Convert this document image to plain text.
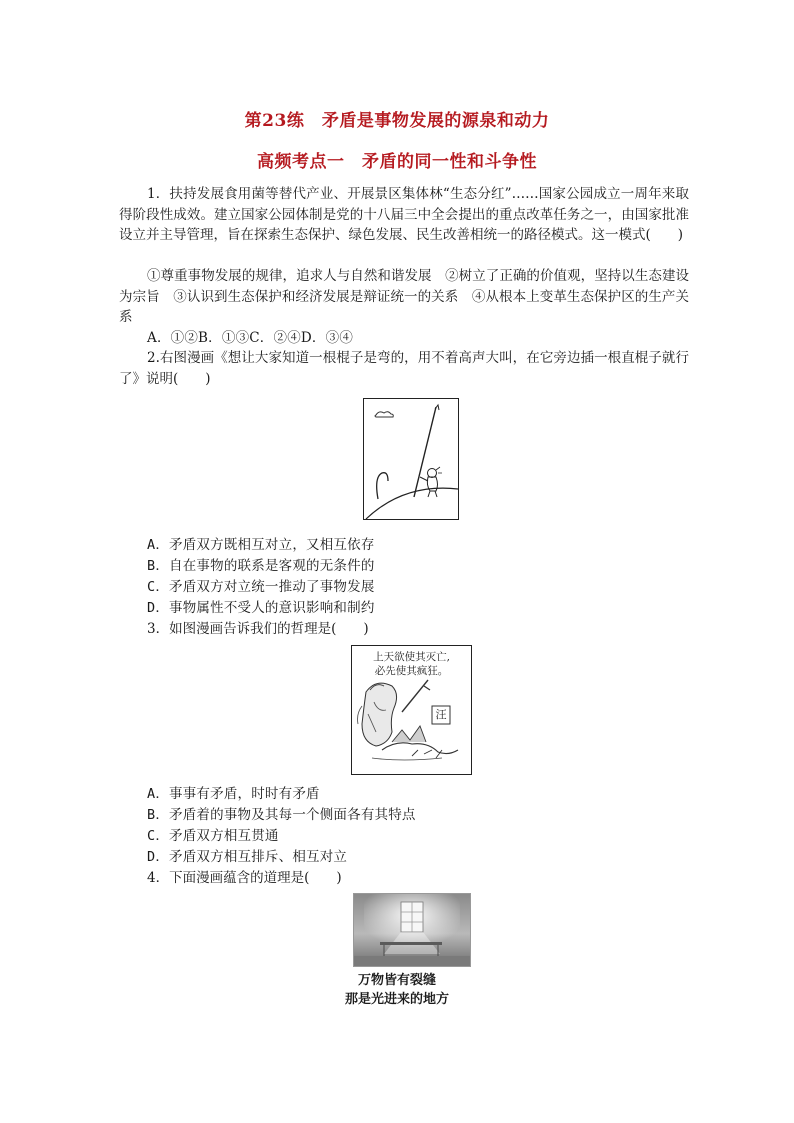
第23练　矛盾是事物发展的源泉和动力
高频考点一　矛盾的同一性和斗争性
1．扶持发展食用菌等替代产业、开展景区集体林“生态分红”……国家公园成立一周年来取得阶段性成效。建立国家公园体制是党的十八届三中全会提出的重点改革任务之一，由国家批准设立并主导管理，旨在探索生态保护、绿色发展、民生改善相统一的路径模式。这一模式(　　)
①尊重事物发展的规律，追求人与自然和谐发展　②树立了正确的价值观，坚持以生态建设为宗旨　③认识到生态保护和经济发展是辩证统一的关系　④从根本上变革生态保护区的生产关系
A．①②B．①③C．②④D．③④
2.右图漫画《想让大家知道一根棍子是弯的，用不着高声大叫，在它旁边插一根直棍子就行了》说明(　　)
A．矛盾双方既相互对立，又相互依存
B．自在事物的联系是客观的无条件的
C．矛盾双方对立统一推动了事物发展
D．事物属性不受人的意识影响和制约
3．如图漫画告诉我们的哲理是(　　)
上天欲使其灭亡,
必先使其疯狂。
汪
A．事事有矛盾，时时有矛盾
B．矛盾着的事物及其每一个侧面各有其特点
C．矛盾双方相互贯通
D．矛盾双方相互排斥、相互对立
4．下面漫画蕴含的道理是(　　)
万物皆有裂缝
那是光进来的地方
